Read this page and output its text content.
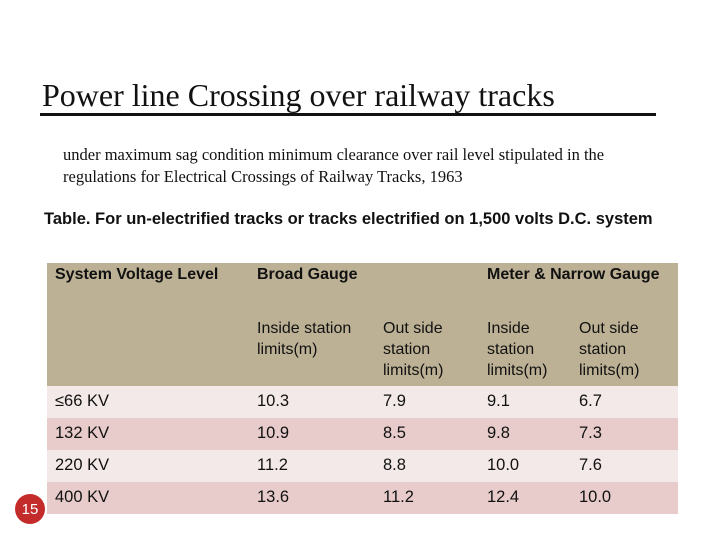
Power line Crossing over railway tracks
under maximum sag condition minimum clearance over rail level stipulated in the regulations for Electrical Crossings of Railway Tracks, 1963
Table. For un-electrified tracks or tracks electrified on 1,500 volts D.C. system
System Voltage Level	Broad Gauge		Meter & Narrow Gauge	
	Inside station limits(m)	Out side station limits(m)	Inside station limits(m)	Out side station limits(m)
≤66 KV	10.3	7.9	9.1	6.7
132 KV	10.9	8.5	9.8	7.3
220 KV	11.2	8.8	10.0	7.6
400 KV	13.6	11.2	12.4	10.0
15
